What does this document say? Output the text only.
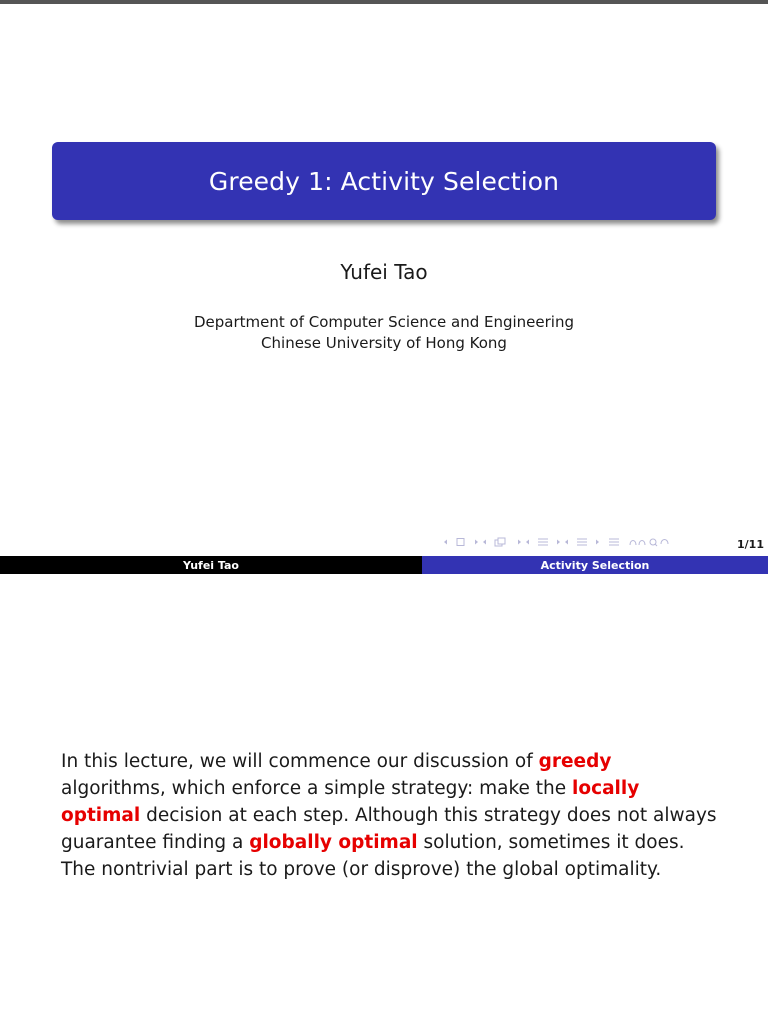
Greedy 1: Activity Selection
Yufei Tao
Department of Computer Science and Engineering
Chinese University of Hong Kong
1/11
Yufei Tao	Activity Selection

In this lecture, we will commence our discussion of greedy algorithms, which enforce a simple strategy: make the locally optimal decision at each step. Although this strategy does not always guarantee finding a globally optimal solution, sometimes it does. The nontrivial part is to prove (or disprove) the global optimality.
